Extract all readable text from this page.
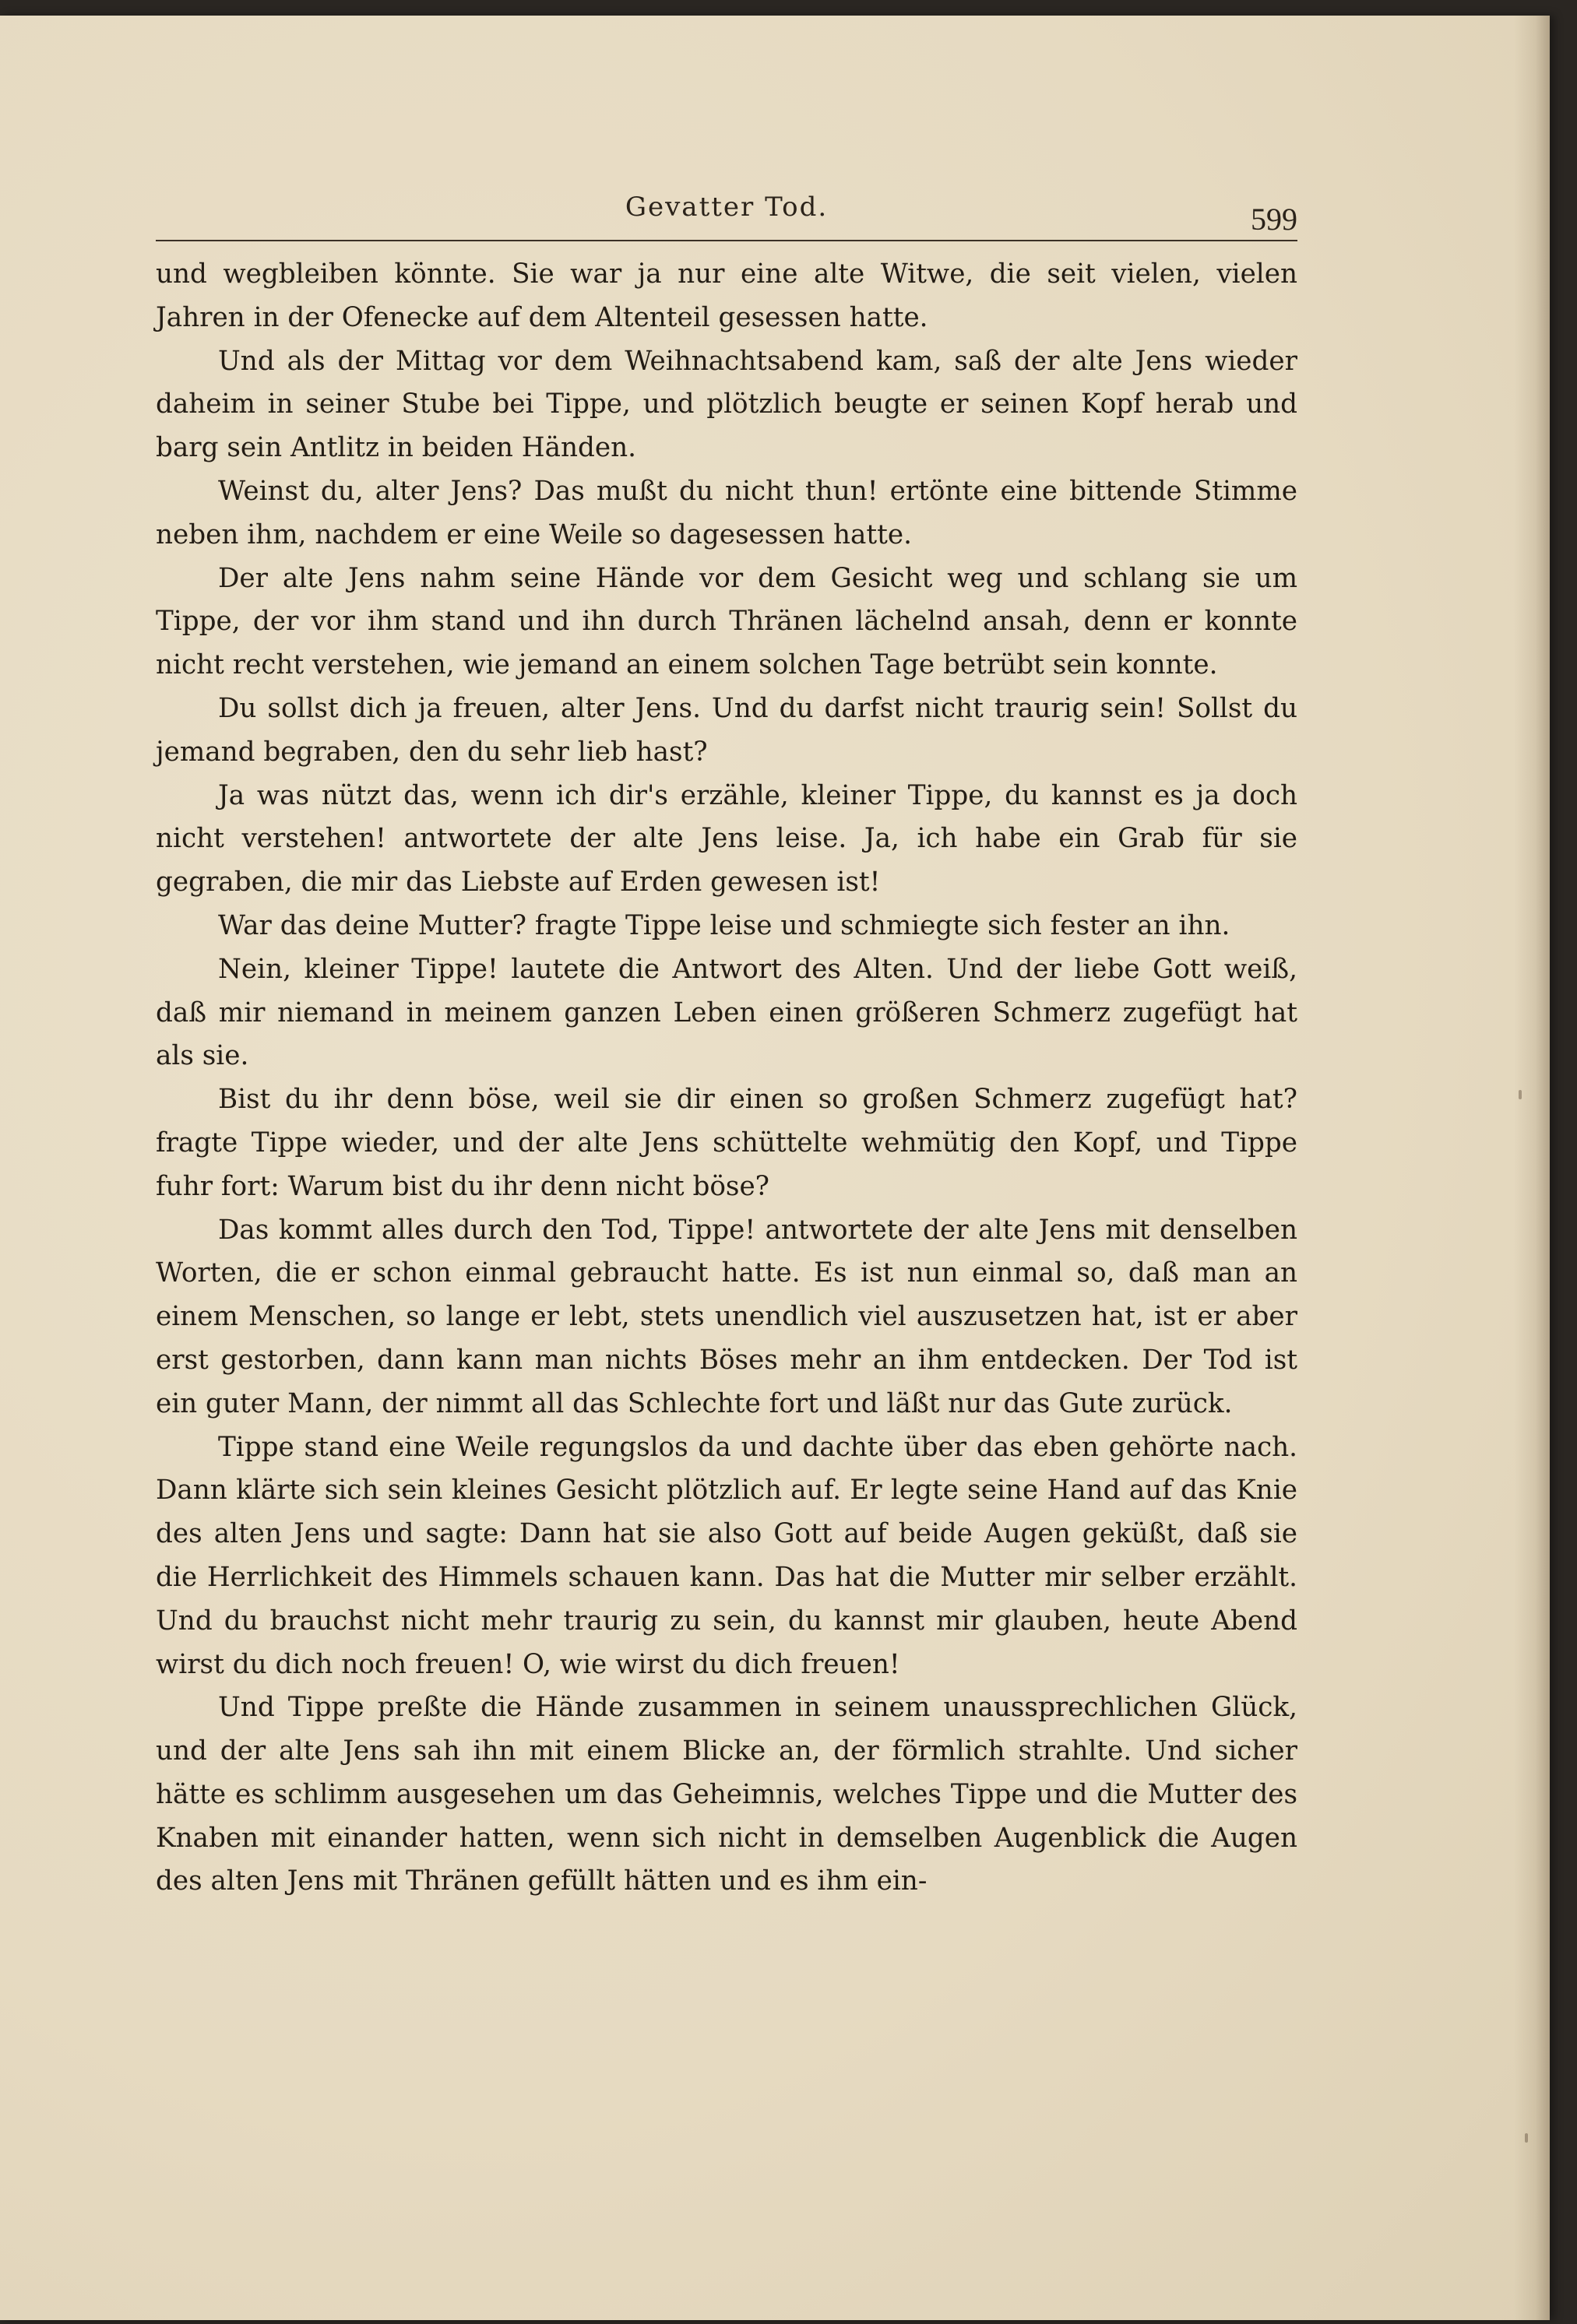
Gevatter Tod.	599

und wegbleiben könnte. Sie war ja nur eine alte Witwe, die seit vielen, vielen Jahren in der Ofenecke auf dem Altenteil gesessen hatte.

Und als der Mittag vor dem Weihnachtsabend kam, saß der alte Jens wieder daheim in seiner Stube bei Tippe, und plötzlich beugte er seinen Kopf herab und barg sein Antlitz in beiden Händen.

Weinst du, alter Jens? Das mußt du nicht thun! ertönte eine bittende Stimme neben ihm, nachdem er eine Weile so dagesessen hatte.

Der alte Jens nahm seine Hände vor dem Gesicht weg und schlang sie um Tippe, der vor ihm stand und ihn durch Thränen lächelnd ansah, denn er konnte nicht recht verstehen, wie jemand an einem solchen Tage betrübt sein konnte.

Du sollst dich ja freuen, alter Jens. Und du darfst nicht traurig sein! Sollst du jemand begraben, den du sehr lieb hast?

Ja was nützt das, wenn ich dir's erzähle, kleiner Tippe, du kannst es ja doch nicht verstehen! antwortete der alte Jens leise. Ja, ich habe ein Grab für sie gegraben, die mir das Liebste auf Erden gewesen ist!

War das deine Mutter? fragte Tippe leise und schmiegte sich fester an ihn.

Nein, kleiner Tippe! lautete die Antwort des Alten. Und der liebe Gott weiß, daß mir niemand in meinem ganzen Leben einen größeren Schmerz zugefügt hat als sie.

Bist du ihr denn böse, weil sie dir einen so großen Schmerz zugefügt hat? fragte Tippe wieder, und der alte Jens schüttelte wehmütig den Kopf, und Tippe fuhr fort: Warum bist du ihr denn nicht böse?

Das kommt alles durch den Tod, Tippe! antwortete der alte Jens mit denselben Worten, die er schon einmal gebraucht hatte. Es ist nun einmal so, daß man an einem Menschen, so lange er lebt, stets unendlich viel auszusetzen hat, ist er aber erst gestorben, dann kann man nichts Böses mehr an ihm entdecken. Der Tod ist ein guter Mann, der nimmt all das Schlechte fort und läßt nur das Gute zurück.

Tippe stand eine Weile regungslos da und dachte über das eben gehörte nach. Dann klärte sich sein kleines Gesicht plötzlich auf. Er legte seine Hand auf das Knie des alten Jens und sagte: Dann hat sie also Gott auf beide Augen geküßt, daß sie die Herrlichkeit des Himmels schauen kann. Das hat die Mutter mir selber erzählt. Und du brauchst nicht mehr traurig zu sein, du kannst mir glauben, heute Abend wirst du dich noch freuen! O, wie wirst du dich freuen!

Und Tippe preßte die Hände zusammen in seinem unaussprechlichen Glück, und der alte Jens sah ihn mit einem Blicke an, der förmlich strahlte. Und sicher hätte es schlimm ausgesehen um das Geheimnis, welches Tippe und die Mutter des Knaben mit einander hatten, wenn sich nicht in demselben Augenblick die Augen des alten Jens mit Thränen gefüllt hätten und es ihm ein-
